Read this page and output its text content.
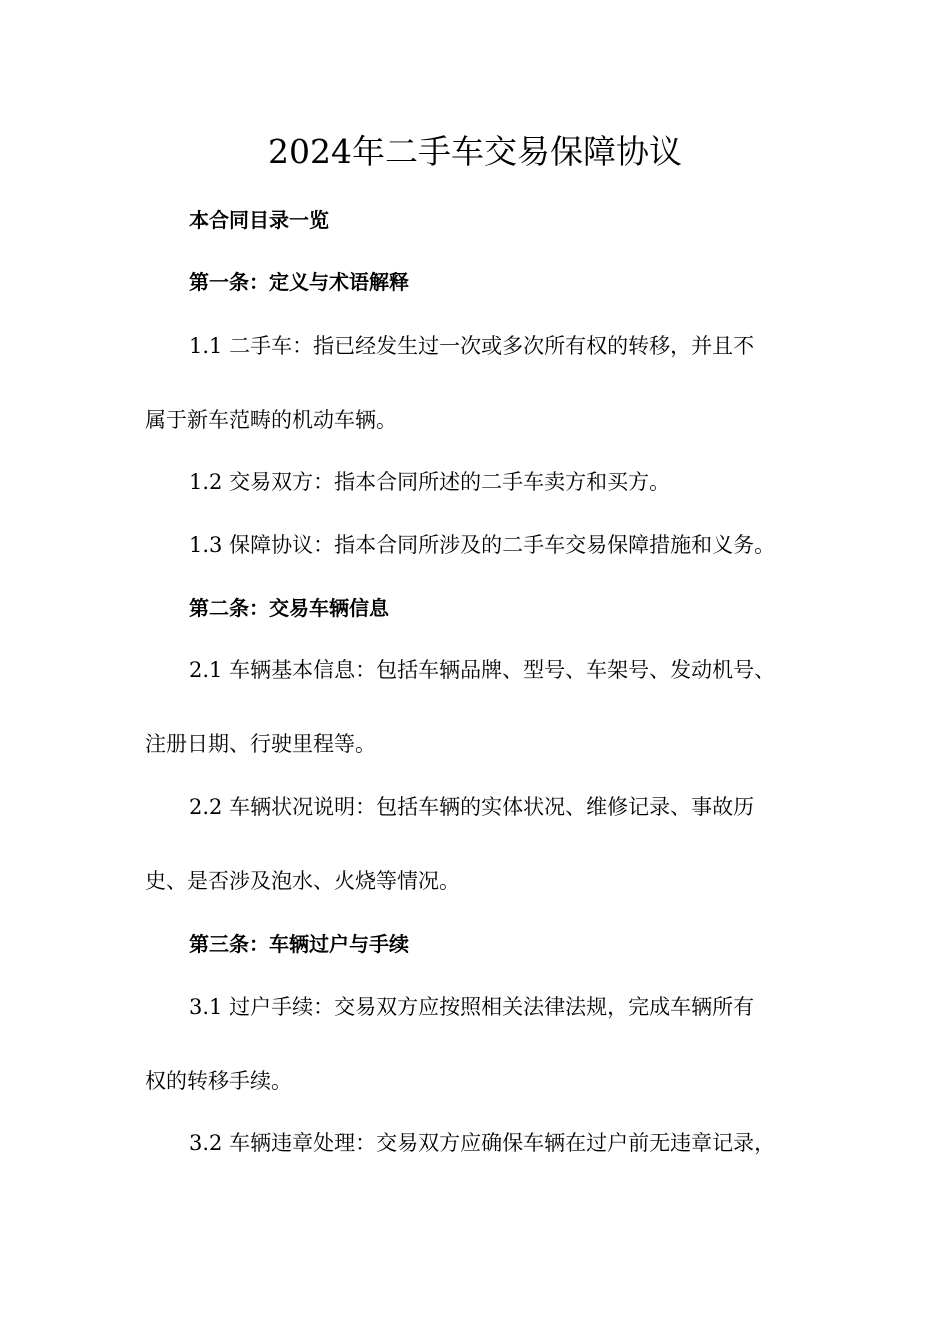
2024年二手车交易保障协议
本合同目录一览
第一条：定义与术语解释
1.1 二手车：指已经发生过一次或多次所有权的转移，并且不
属于新车范畴的机动车辆。
1.2 交易双方：指本合同所述的二手车卖方和买方。
1.3 保障协议：指本合同所涉及的二手车交易保障措施和义务。
第二条：交易车辆信息
2.1 车辆基本信息：包括车辆品牌、型号、车架号、发动机号、
注册日期、行驶里程等。
2.2 车辆状况说明：包括车辆的实体状况、维修记录、事故历
史、是否涉及泡水、火烧等情况。
第三条：车辆过户与手续
3.1 过户手续：交易双方应按照相关法律法规，完成车辆所有
权的转移手续。
3.2 车辆违章处理：交易双方应确保车辆在过户前无违章记录，
